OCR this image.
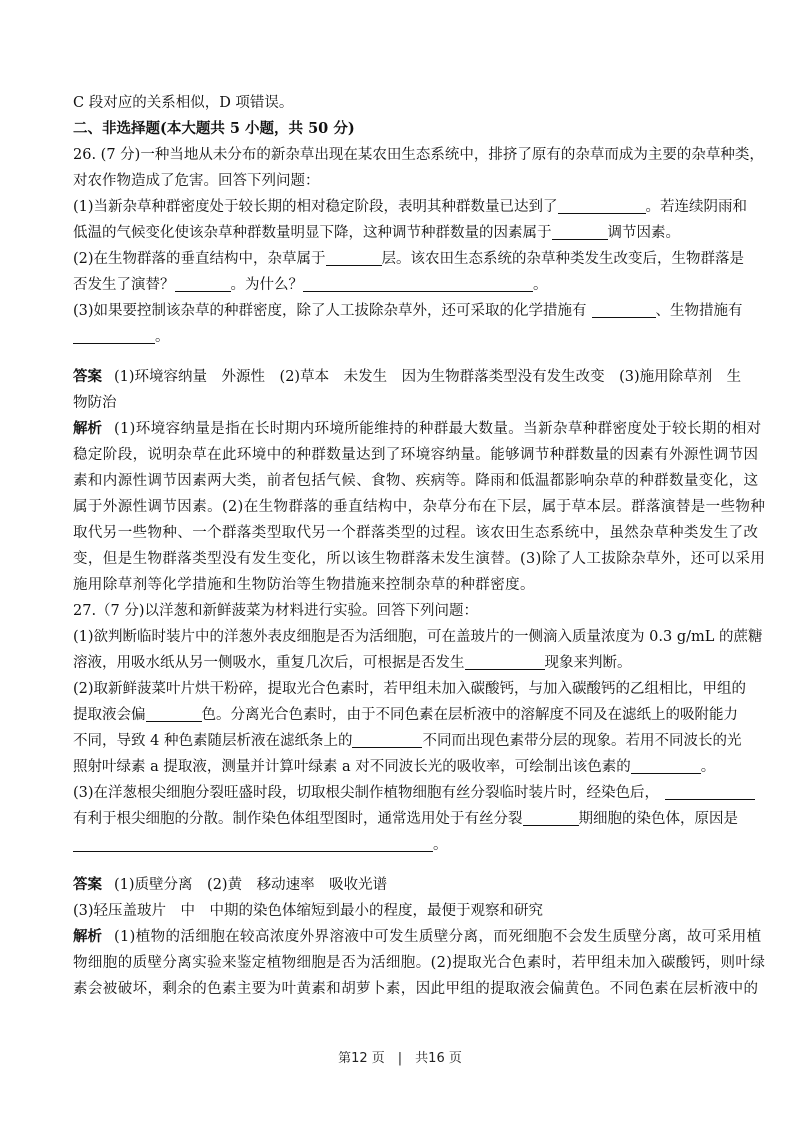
C 段对应的关系相似，D 项错误。
二、非选择题(本大题共 5 小题，共 50 分)
26. (7 分)一种当地从未分布的新杂草出现在某农田生态系统中，排挤了原有的杂草而成为主要的杂草种类，
对农作物造成了危害。回答下列问题：
(1)当新杂草种群密度处于较长期的相对稳定阶段，表明其种群数量已达到了	。若连续阴雨和
低温的气候变化使该杂草种群数量明显下降，这种调节种群数量的因素属于	调节因素。
(2)在生物群落的垂直结构中，杂草属于	层。该农田生态系统的杂草种类发生改变后，生物群落是
否发生了演替？	。为什么？	。
(3)如果要控制该杂草的种群密度，除了人工拔除杂草外，还可采取的化学措施有	、生物措施有
。
答案 (1)环境容纳量　外源性　(2)草本　未发生　因为生物群落类型没有发生改变　(3)施用除草剂　生
物防治
解析 (1)环境容纳量是指在长时期内环境所能维持的种群最大数量。当新杂草种群密度处于较长期的相对
稳定阶段，说明杂草在此环境中的种群数量达到了环境容纳量。能够调节种群数量的因素有外源性调节因
素和内源性调节因素两大类，前者包括气候、食物、疾病等。降雨和低温都影响杂草的种群数量变化，这
属于外源性调节因素。(2)在生物群落的垂直结构中，杂草分布在下层，属于草本层。群落演替是一些物种
取代另一些物种、一个群落类型取代另一个群落类型的过程。该农田生态系统中，虽然杂草种类发生了改
变，但是生物群落类型没有发生变化，所以该生物群落未发生演替。(3)除了人工拔除杂草外，还可以采用
施用除草剂等化学措施和生物防治等生物措施来控制杂草的种群密度。
27.（7 分)以洋葱和新鲜菠菜为材料进行实验。回答下列问题：
(1)欲判断临时装片中的洋葱外表皮细胞是否为活细胞，可在盖玻片的一侧滴入质量浓度为 0.3 g/mL 的蔗糖
溶液，用吸水纸从另一侧吸水，重复几次后，可根据是否发生	现象来判断。
(2)取新鲜菠菜叶片烘干粉碎，提取光合色素时，若甲组未加入碳酸钙，与加入碳酸钙的乙组相比，甲组的
提取液会偏	色。分离光合色素时，由于不同色素在层析液中的溶解度不同及在滤纸上的吸附能力
不同，导致 4 种色素随层析液在滤纸条上的	不同而出现色素带分层的现象。若用不同波长的光
照射叶绿素 a 提取液，测量并计算叶绿素 a 对不同波长光的吸收率，可绘制出该色素的	。
(3)在洋葱根尖细胞分裂旺盛时段，切取根尖制作植物细胞有丝分裂临时装片时，经染色后，
有利于根尖细胞的分散。制作染色体组型图时，通常选用处于有丝分裂	期细胞的染色体，原因是
。
答案 (1)质壁分离　(2)黄　移动速率　吸收光谱
(3)轻压盖玻片　中　中期的染色体缩短到最小的程度，最便于观察和研究
解析 (1)植物的活细胞在较高浓度外界溶液中可发生质壁分离，而死细胞不会发生质壁分离，故可采用植
物细胞的质壁分离实验来鉴定植物细胞是否为活细胞。(2)提取光合色素时，若甲组未加入碳酸钙，则叶绿
素会被破坏，剩余的色素主要为叶黄素和胡萝卜素，因此甲组的提取液会偏黄色。不同色素在层析液中的
第12 页　|　共16 页
